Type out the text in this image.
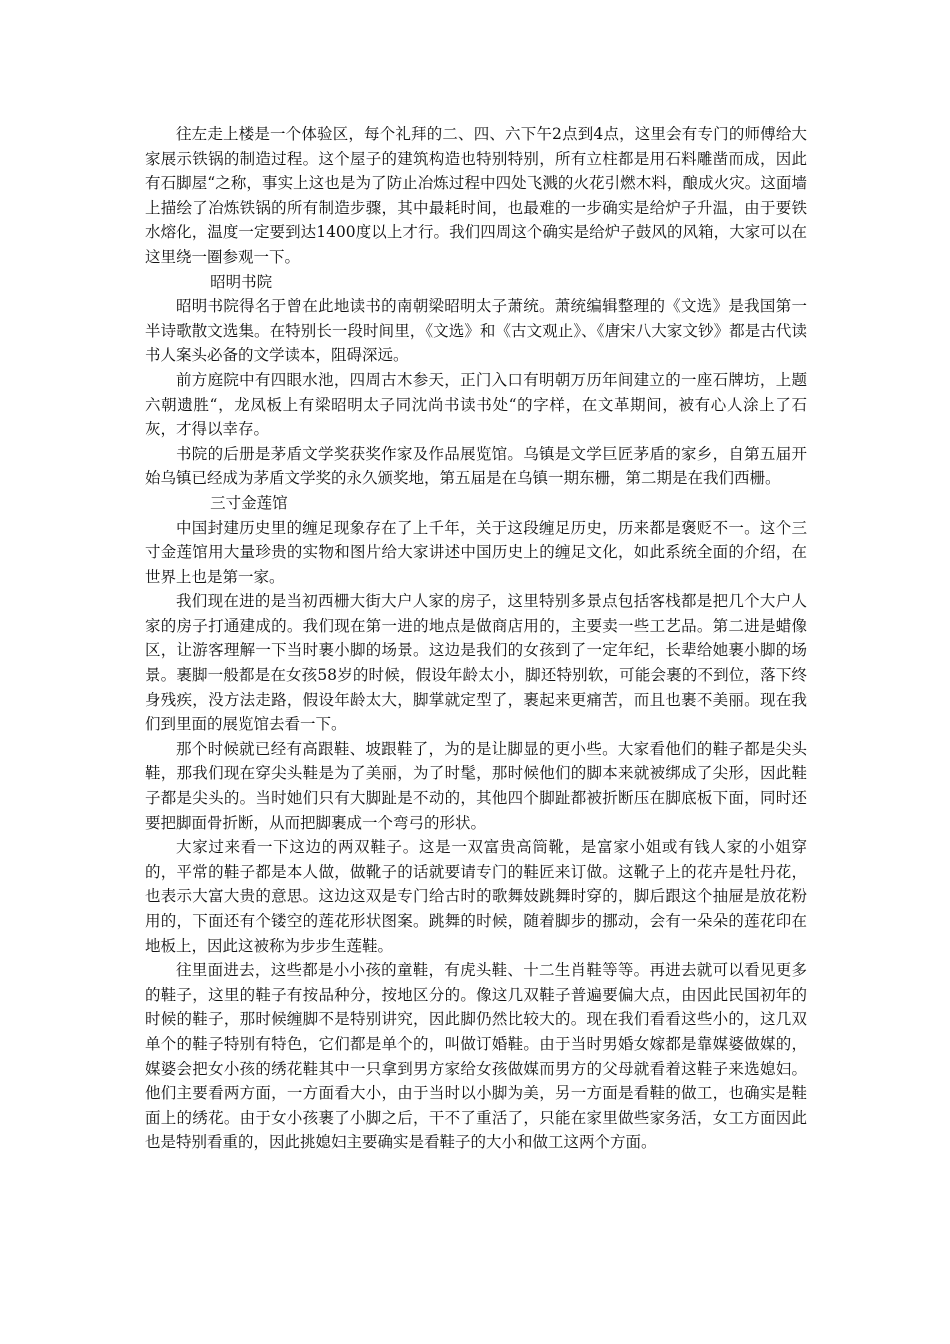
往左走上楼是一个体验区，每个礼拜的二、四、六下午2点到4点，这里会有专门的师傅给大家展示铁锅的制造过程。这个屋子的建筑构造也特别特别，所有立柱都是用石料雕凿而成，因此有石脚屋“之称，事实上这也是为了防止冶炼过程中四处飞溅的火花引燃木料，酿成火灾。这面墙上描绘了冶炼铁锅的所有制造步骤，其中最耗时间，也最难的一步确实是给炉子升温，由于要铁水熔化，温度一定要到达1400度以上才行。我们四周这个确实是给炉子鼓风的风箱，大家可以在这里绕一圈参观一下。

昭明书院

昭明书院得名于曾在此地读书的南朝梁昭明太子萧统。萧统编辑整理的《文选》是我国第一半诗歌散文选集。在特别长一段时间里，《文选》和《古文观止》、《唐宋八大家文钞》都是古代读书人案头必备的文学读本，阻碍深远。

前方庭院中有四眼水池，四周古木参天，正门入口有明朝万历年间建立的一座石牌坊，上题六朝遗胜“，龙凤板上有梁昭明太子同沈尚书读书处“的字样，在文革期间，被有心人涂上了石灰，才得以幸存。

书院的后册是茅盾文学奖获奖作家及作品展览馆。乌镇是文学巨匠茅盾的家乡，自第五届开始乌镇已经成为茅盾文学奖的永久颁奖地，第五届是在乌镇一期东栅，第二期是在我们西栅。

三寸金莲馆

中国封建历史里的缠足现象存在了上千年，关于这段缠足历史，历来都是褒贬不一。这个三寸金莲馆用大量珍贵的实物和图片给大家讲述中国历史上的缠足文化，如此系统全面的介绍，在世界上也是第一家。

我们现在进的是当初西栅大街大户人家的房子，这里特别多景点包括客栈都是把几个大户人家的房子打通建成的。我们现在第一进的地点是做商店用的，主要卖一些工艺品。第二进是蜡像区，让游客理解一下当时裹小脚的场景。这边是我们的女孩到了一定年纪，长辈给她裹小脚的场景。裹脚一般都是在女孩58岁的时候，假设年龄太小，脚还特别软，可能会裹的不到位，落下终身残疾，没方法走路，假设年龄太大，脚掌就定型了，裹起来更痛苦，而且也裹不美丽。现在我们到里面的展览馆去看一下。

那个时候就已经有高跟鞋、坡跟鞋了，为的是让脚显的更小些。大家看他们的鞋子都是尖头鞋，那我们现在穿尖头鞋是为了美丽，为了时髦，那时候他们的脚本来就被绑成了尖形，因此鞋子都是尖头的。当时她们只有大脚趾是不动的，其他四个脚趾都被折断压在脚底板下面，同时还要把脚面骨折断，从而把脚裹成一个弯弓的形状。

大家过来看一下这边的两双鞋子。这是一双富贵高筒靴，是富家小姐或有钱人家的小姐穿的，平常的鞋子都是本人做，做靴子的话就要请专门的鞋匠来订做。这靴子上的花卉是牡丹花，也表示大富大贵的意思。这边这双是专门给古时的歌舞妓跳舞时穿的，脚后跟这个抽屉是放花粉用的，下面还有个镂空的莲花形状图案。跳舞的时候，随着脚步的挪动，会有一朵朵的莲花印在地板上，因此这被称为步步生莲鞋。

往里面进去，这些都是小小孩的童鞋，有虎头鞋、十二生肖鞋等等。再进去就可以看见更多的鞋子，这里的鞋子有按品种分，按地区分的。像这几双鞋子普遍要偏大点，由因此民国初年的时候的鞋子，那时候缠脚不是特别讲究，因此脚仍然比较大的。现在我们看看这些小的，这几双单个的鞋子特别有特色，它们都是单个的，叫做订婚鞋。由于当时男婚女嫁都是靠媒婆做媒的，媒婆会把女小孩的绣花鞋其中一只拿到男方家给女孩做媒而男方的父母就看着这鞋子来选媳妇。他们主要看两方面，一方面看大小，由于当时以小脚为美，另一方面是看鞋的做工，也确实是鞋面上的绣花。由于女小孩裹了小脚之后，干不了重活了，只能在家里做些家务活，女工方面因此也是特别看重的，因此挑媳妇主要确实是看鞋子的大小和做工这两个方面。
